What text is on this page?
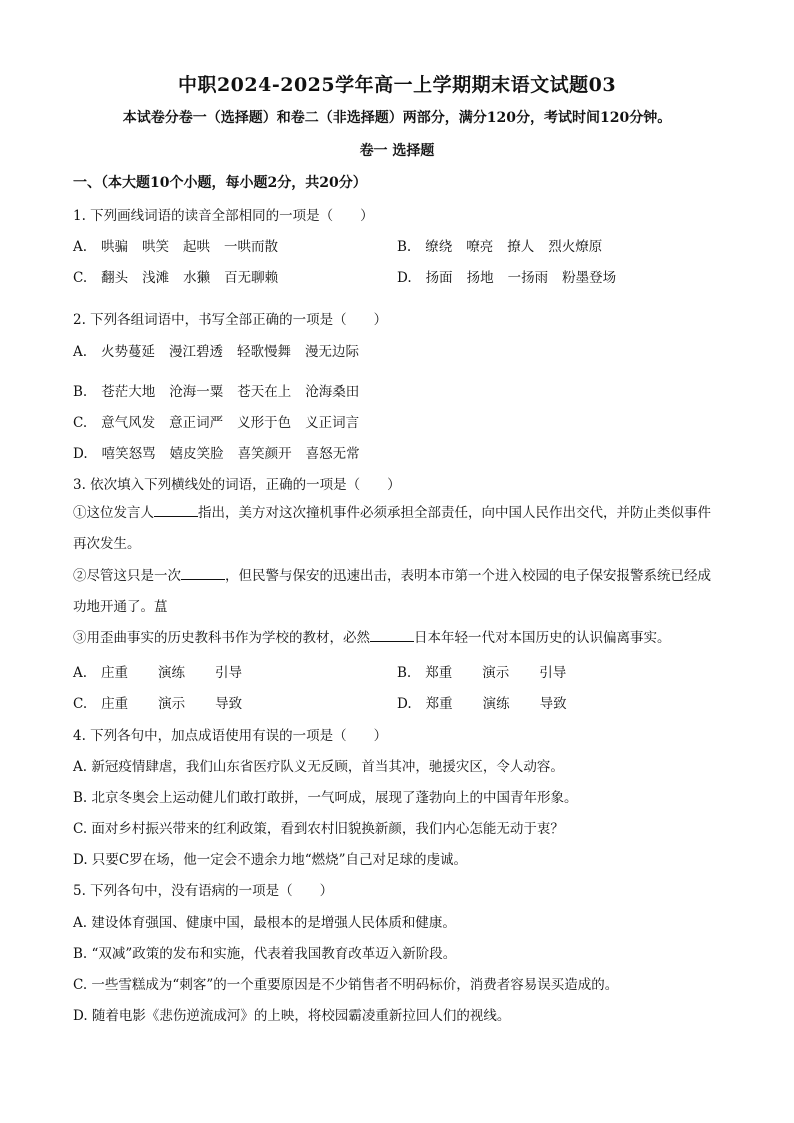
中职2024-2025学年高一上学期期末语文试题03
本试卷分卷一（选择题）和卷二（非选择题）两部分，满分120分，考试时间120分钟。
卷一 选择题
一、（本大题10个小题，每小题2分，共20分）
1. 下列画线词语的读音全部相同的一项是（　　）
A. 哄骗 哄笑 起哄 一哄而散	B. 缭绕 嘹亮 撩人 烈火燎原
C. 翻头 浅滩 水獭 百无聊赖	D. 扬面 扬地 一扬雨 粉墨登场
2. 下列各组词语中，书写全部正确的一项是（　　）
A. 火势蔓延 漫江碧透 轻歌慢舞 漫无边际
B. 苍茫大地 沧海一粟 苍天在上 沧海桑田
C. 意气风发 意正词严 义形于色 义正词言
D. 嘻笑怒骂 嬉皮笑脸 喜笑颜开 喜怒无常
3. 依次填入下列横线处的词语，正确的一项是（　　）
①这位发言人	指出，美方对这次撞机事件必须承担全部责任，向中国人民作出交代，并防止类似事件再次发生。
②尽管这只是一次	，但民警与保安的迅速出击，表明本市第一个进入校园的电子保安报警系统已经成功地开通了。蒀
③用歪曲事实的历史教科书作为学校的教材，必然	日本年轻一代对本国历史的认识偏离事实。
A. 庄重 演练 引导	B. 郑重 演示 引导
C. 庄重 演示 导致	D. 郑重 演练 导致
4. 下列各句中，加点成语使用有误的一项是（　　）
A. 新冠疫情肆虐，我们山东省医疗队义无反顾，首当其冲，驰援灾区，令人动容。
B. 北京冬奥会上运动健儿们敢打敢拼，一气呵成，展现了蓬勃向上的中国青年形象。
C. 面对乡村振兴带来的红利政策，看到农村旧貌换新颜，我们内心怎能无动于衷？
D. 只要C罗在场，他一定会不遗余力地“燃烧”自己对足球的虔诚。
5. 下列各句中，没有语病的一项是（　　）
A. 建设体育强国、健康中国，最根本的是增强人民体质和健康。
B. “双减”政策的发布和实施，代表着我国教育改革迈入新阶段。
C. 一些雪糕成为“刺客”的一个重要原因是不少销售者不明码标价，消费者容易误买造成的。
D. 随着电影《悲伤逆流成河》的上映，将校园霸凌重新拉回人们的视线。
